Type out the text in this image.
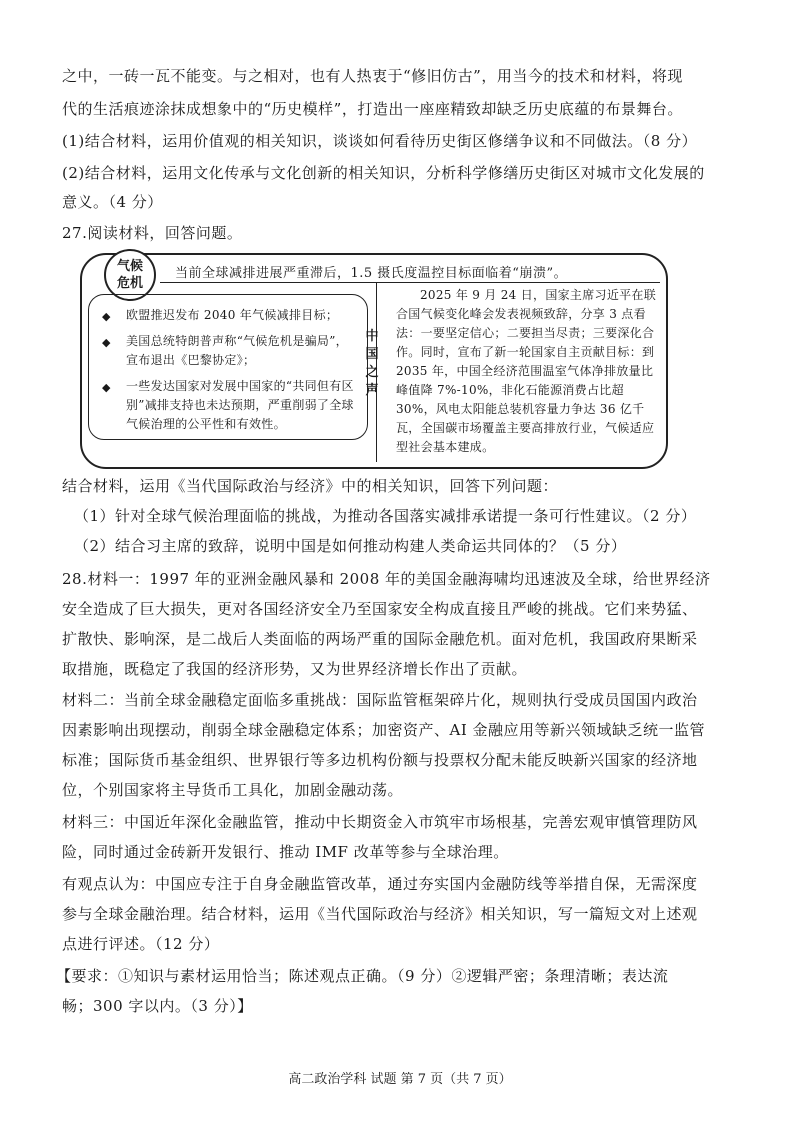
之中，一砖一瓦不能变。与之相对，也有人热衷于“修旧仿古”，用当今的技术和材料，将现
代的生活痕迹涂抹成想象中的“历史模样”，打造出一座座精致却缺乏历史底蕴的布景舞台。
(1)结合材料，运用价值观的相关知识，谈谈如何看待历史街区修缮争议和不同做法。（8 分）
(2)结合材料，运用文化传承与文化创新的相关知识，分析科学修缮历史街区对城市文化发展的
意义。（4 分）
27.阅读材料，回答问题。
气候
危机
当前全球减排进展严重滞后，1.5 摄氏度温控目标面临着“崩溃”。
◆ 欧盟推迟发布 2040 年气候减排目标；
◆ 美国总统特朗普声称“气候危机是骗局”，宣布退出《巴黎协定》；
◆ 一些发达国家对发展中国家的“共同但有区别”减排支持也未达预期，严重削弱了全球气候治理的公平性和有效性。
中
国
之
声
2025 年 9 月 24 日，国家主席习近平在联合国气候变化峰会发表视频致辞，分享 3 点看法：一要坚定信心；二要担当尽责；三要深化合作。同时，宣布了新一轮国家自主贡献目标：到 2035 年，中国全经济范围温室气体净排放量比峰值降 7%-10%，非化石能源消费占比超 30%，风电太阳能总装机容量力争达 36 亿千瓦，全国碳市场覆盖主要高排放行业，气候适应型社会基本建成。
结合材料，运用《当代国际政治与经济》中的相关知识，回答下列问题：
（1）针对全球气候治理面临的挑战，为推动各国落实减排承诺提一条可行性建议。（2 分）
（2）结合习主席的致辞，说明中国是如何推动构建人类命运共同体的？（5 分）
28.材料一：1997 年的亚洲金融风暴和 2008 年的美国金融海啸均迅速波及全球，给世界经济
安全造成了巨大损失，更对各国经济安全乃至国家安全构成直接且严峻的挑战。它们来势猛、
扩散快、影响深，是二战后人类面临的两场严重的国际金融危机。面对危机，我国政府果断采
取措施，既稳定了我国的经济形势，又为世界经济增长作出了贡献。
材料二：当前全球金融稳定面临多重挑战：国际监管框架碎片化，规则执行受成员国国内政治
因素影响出现摆动，削弱全球金融稳定体系；加密资产、AI 金融应用等新兴领域缺乏统一监管
标准；国际货币基金组织、世界银行等多边机构份额与投票权分配未能反映新兴国家的经济地
位，个别国家将主导货币工具化，加剧金融动荡。
材料三：中国近年深化金融监管，推动中长期资金入市筑牢市场根基，完善宏观审慎管理防风
险，同时通过金砖新开发银行、推动 IMF 改革等参与全球治理。
有观点认为：中国应专注于自身金融监管改革，通过夯实国内金融防线等举措自保，无需深度
参与全球金融治理。结合材料，运用《当代国际政治与经济》相关知识，写一篇短文对上述观
点进行评述。（12 分）
【要求：①知识与素材运用恰当；陈述观点正确。（9 分）②逻辑严密；条理清晰；表达流
畅；300 字以内。（3 分）】
高二政治学科 试题 第 7 页（共 7 页）
